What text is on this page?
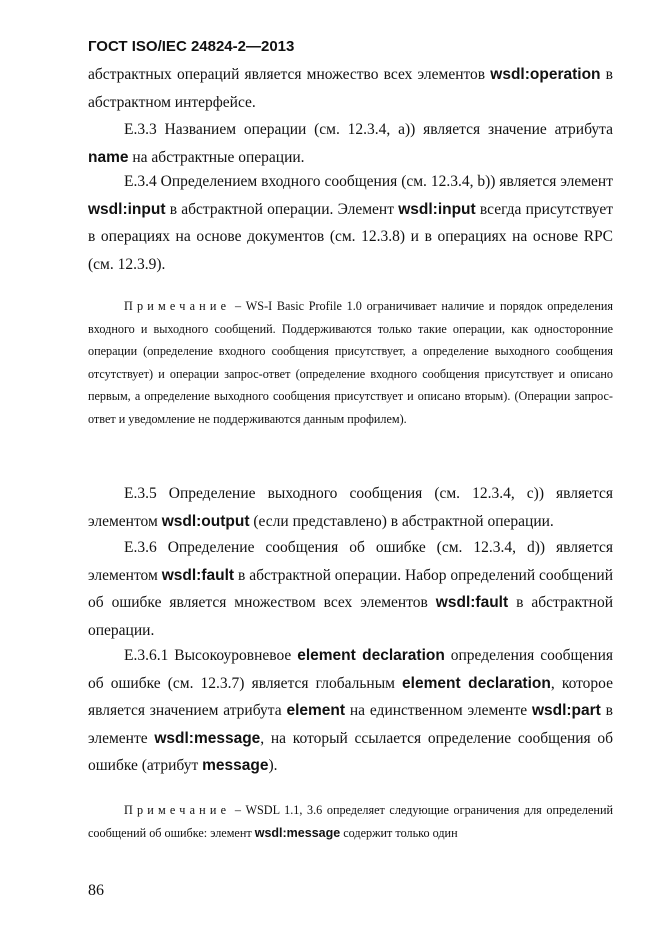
ГОСТ ISO/IEC 24824-2—2013

абстрактных операций является множество всех элементов wsdl:operation в абстрактном интерфейсе.

E.3.3 Названием операции (см. 12.3.4, a)) является значение атрибута name на абстрактные операции.

E.3.4 Определением входного сообщения (см. 12.3.4, b)) является элемент wsdl:input в абстрактной операции. Элемент wsdl:input всегда присутствует в операциях на основе документов (см. 12.3.8) и в операциях на основе RPC (см. 12.3.9).

Примечание – WS-I Basic Profile 1.0 ограничивает наличие и порядок определения входного и выходного сообщений. Поддерживаются только такие операции, как односторонние операции (определение входного сообщения присутствует, а определение выходного сообщения отсутствует) и операции запрос-ответ (определение входного сообщения присутствует и описано первым, а определение выходного сообщения присутствует и описано вторым). (Операции запрос-ответ и уведомление не поддерживаются данным профилем).

E.3.5 Определение выходного сообщения (см. 12.3.4, c)) является элементом wsdl:output (если представлено) в абстрактной операции.

E.3.6 Определение сообщения об ошибке (см. 12.3.4, d)) является элементом wsdl:fault в абстрактной операции. Набор определений сообщений об ошибке является множеством всех элементов wsdl:fault в абстрактной операции.

E.3.6.1 Высокоуровневое element declaration определения сообщения об ошибке (см. 12.3.7) является глобальным element declaration, которое является значением атрибута element на единственном элементе wsdl:part в элементе wsdl:message, на который ссылается определение сообщения об ошибке (атрибут message).

Примечание – WSDL 1.1, 3.6 определяет следующие ограничения для определений сообщений об ошибке: элемент wsdl:message содержит только один

86
